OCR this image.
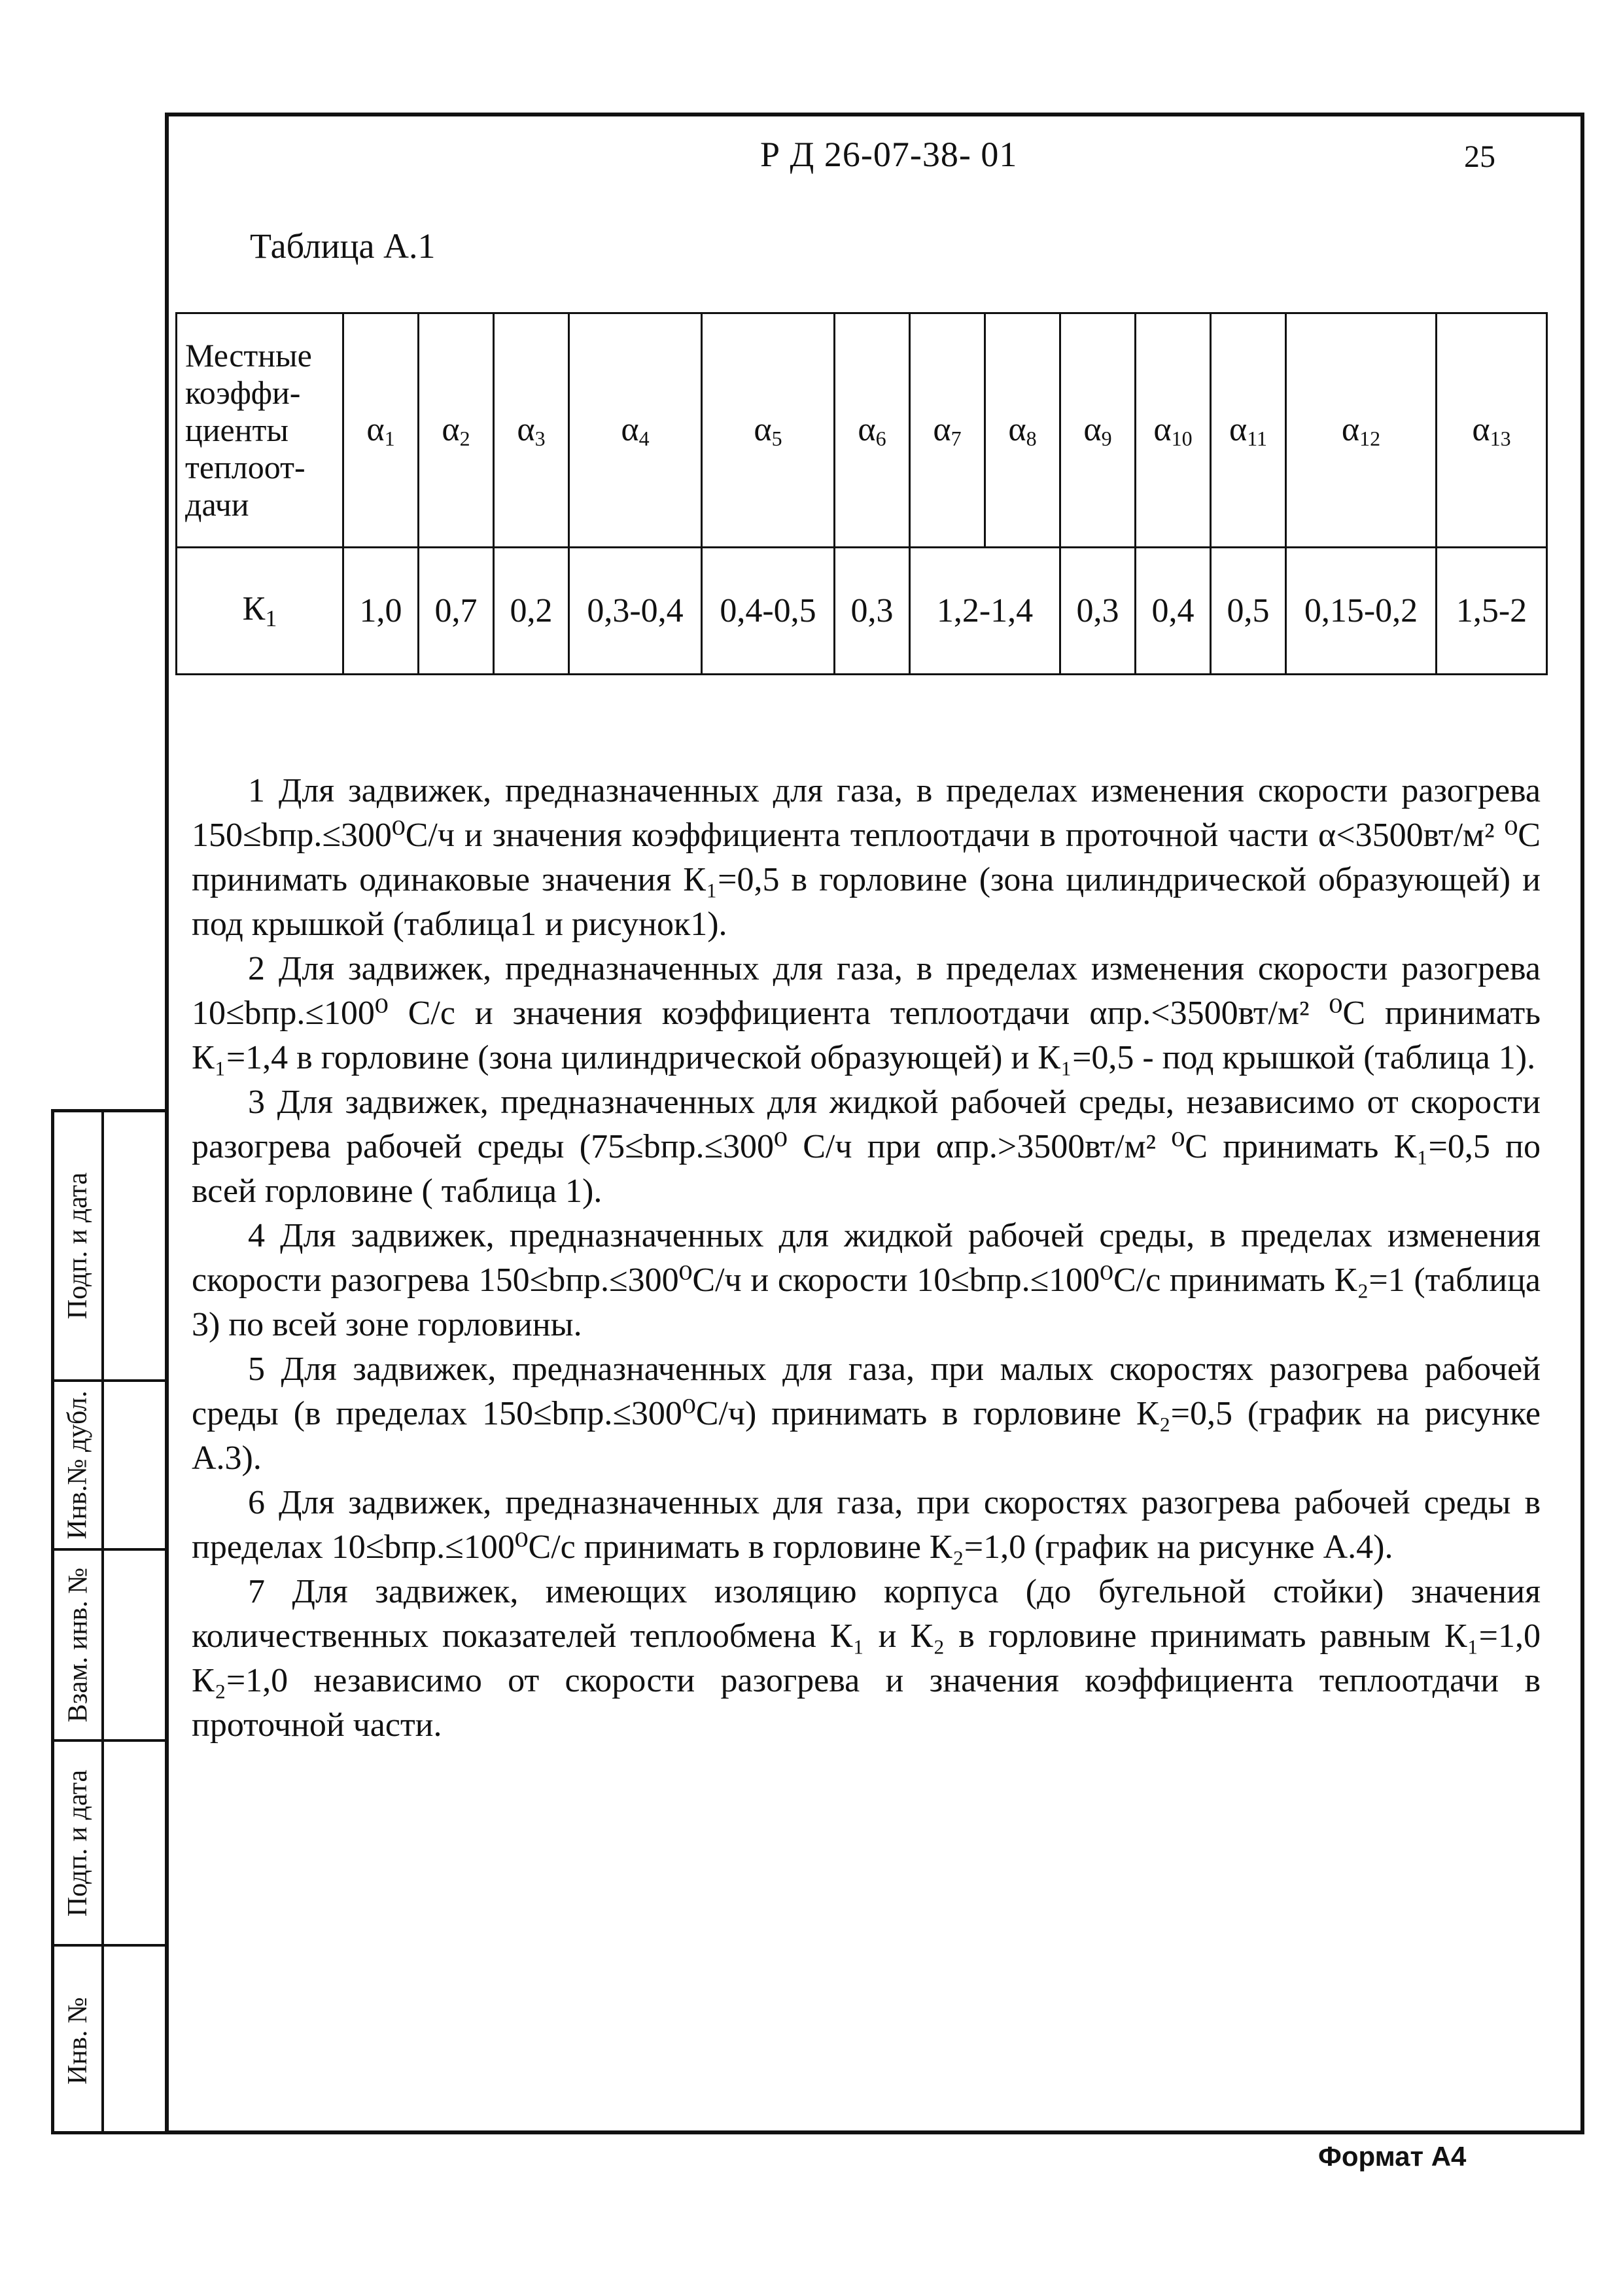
Подп. и дата
Инв.№ дубл.
Взам. инв. №
Подп. и дата
Инв. №
Р Д 26-07-38- 01	25
Таблица А.1
Местные коэффи-циенты теплоот-дачи	$\alpha_1$	$\alpha_2$	$\alpha_3$	$\alpha_4$	$\alpha_5$	$\alpha_6$	$\alpha_7$	$\alpha_8$	$\alpha_9$	$\alpha_{10}$	$\alpha_{11}$	$\alpha_{12}$	$\alpha_{13}$
$К_1$	1,0	0,7	0,2	0,3-0,4	0,4-0,5	0,3	1,2-1,4		0,3	0,4	0,5	0,15-0,2	1,5-2

1 Для задвижек, предназначенных для газа, в пределах изменения скорости разогрева 150≤bпр.≤300⁰С/ч и значения коэффициента теплоотдачи в проточной части α<3500вт/м² ⁰С принимать одинаковые значения К₁=0,5 в горловине (зона цилиндрической образующей) и под крышкой (таблица1 и рисунок1).

2 Для задвижек, предназначенных для газа, в пределах изменения скорости разогрева 10≤bпр.≤100⁰ С/с и значения коэффициента теплоотдачи αпр.<3500вт/м² ⁰С принимать К₁=1,4 в горловине (зона цилиндрической образующей) и К₁=0,5 - под крышкой (таблица 1).

3 Для задвижек, предназначенных для жидкой рабочей среды, независимо от скорости разогрева рабочей среды (75≤bпр.≤300⁰ С/ч при αпр.>3500вт/м² ⁰С принимать К₁=0,5 по всей горловине ( таблица 1).

4 Для задвижек, предназначенных для жидкой рабочей среды, в пределах изменения скорости разогрева 150≤bпр.≤300⁰С/ч и скорости 10≤bпр.≤100⁰С/с принимать К₂=1 (таблица 3) по всей зоне горловины.

5 Для задвижек, предназначенных для газа, при малых скоростях разогрева рабочей среды (в пределах 150≤bпр.≤300⁰С/ч) принимать в горловине К₂=0,5 (график на рисунке А.3).

6 Для задвижек, предназначенных для газа, при скоростях разогрева рабочей среды в пределах 10≤bпр.≤100⁰С/с принимать в горловине К₂=1,0 (график на рисунке А.4).

7 Для задвижек, имеющих изоляцию корпуса (до бугельной стойки) значения количественных показателей теплообмена К₁ и К₂ в горловине принимать равным К₁=1,0 К₂=1,0 независимо от скорости разогрева и значения коэффициента теплоотдачи в проточной части.

Формат А4
